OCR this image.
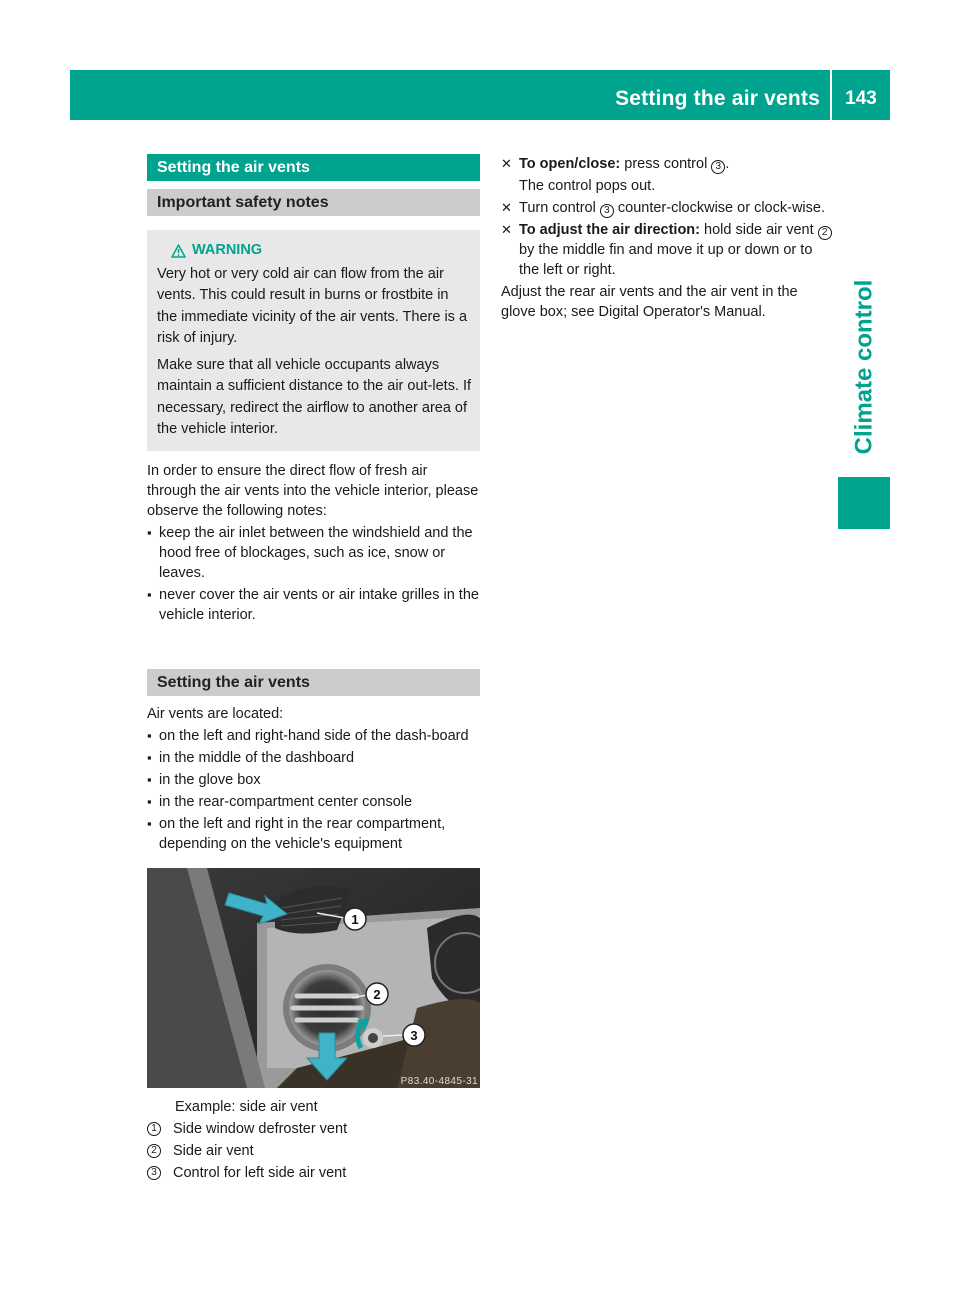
Setting the air vents	143
Climate control
Setting the air vents
Important safety notes
WARNING

Very hot or very cold air can flow from the air vents. This could result in burns or frostbite in the immediate vicinity of the air vents. There is a risk of injury.

Make sure that all vehicle occupants always maintain a sufficient distance to the air out-lets. If necessary, redirect the airflow to another area of the vehicle interior.

In order to ensure the direct flow of fresh air through the air vents into the vehicle interior, please observe the following notes:

▪ keep the air inlet between the windshield and the hood free of blockages, such as ice, snow or leaves.
▪ never cover the air vents or air intake grilles in the vehicle interior.
Setting the air vents

Air vents are located:

▪ on the left and right-hand side of the dash-board
▪ in the middle of the dashboard
▪ in the glove box
▪ in the rear-compartment center console
▪ on the left and right in the rear compartment, depending on the vehicle's equipment
1
2
3
P83.40-4845-31
Example: side air vent
1 Side window defroster vent
2 Side air vent
3 Control for left side air vent
✕ To open/close: press control 3 .
The control pops out.
✕ Turn control 3 counter-clockwise or clock-wise.
✕ To adjust the air direction: hold side air vent 2 by the middle fin and move it up or down or to the left or right.

Adjust the rear air vents and the air vent in the glove box; see Digital Operator's Manual.
